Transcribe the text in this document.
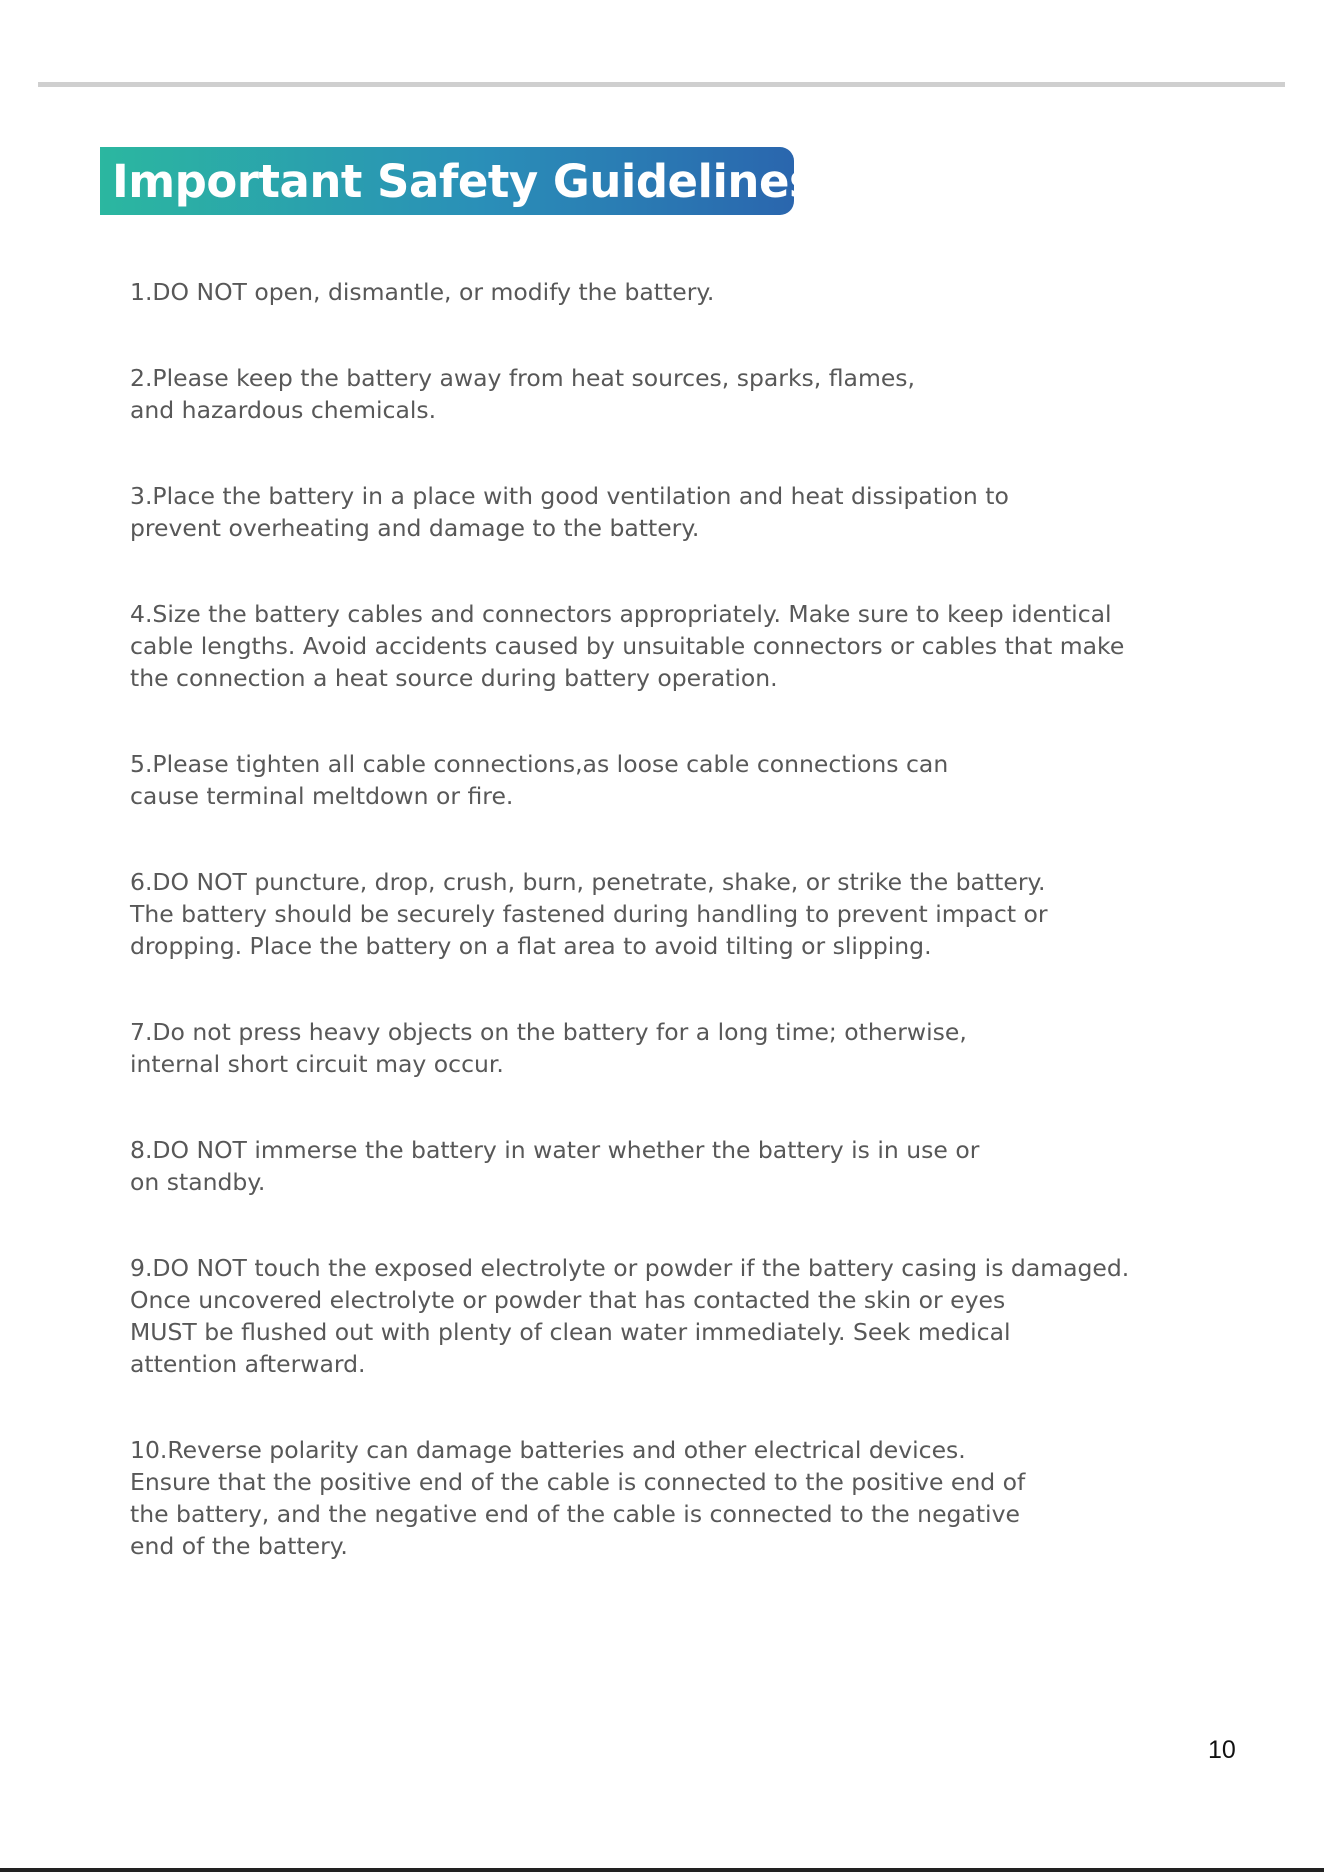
Important Safety Guidelines
1.DO NOT open, dismantle, or modify the battery.
2.Please keep the battery away from heat sources, sparks, flames,
and hazardous chemicals.
3.Place the battery in a place with good ventilation and heat dissipation to
prevent overheating and damage to the battery.
4.Size the battery cables and connectors appropriately. Make sure to keep identical
cable lengths. Avoid accidents caused by unsuitable connectors or cables that make
the connection a heat source during battery operation.
5.Please tighten all cable connections,as loose cable connections can
cause terminal meltdown or fire.
6.DO NOT puncture, drop, crush, burn, penetrate, shake, or strike the battery.
The battery should be securely fastened during handling to prevent impact or
dropping. Place the battery on a flat area to avoid tilting or slipping.
7.Do not press heavy objects on the battery for a long time; otherwise,
internal short circuit may occur.
8.DO NOT immerse the battery in water whether the battery is in use or
on standby.
9.DO NOT touch the exposed electrolyte or powder if the battery casing is damaged.
Once uncovered electrolyte or powder that has contacted the skin or eyes
MUST be flushed out with plenty of clean water immediately. Seek medical
attention afterward.
10.Reverse polarity can damage batteries and other electrical devices.
Ensure that the positive end of the cable is connected to the positive end of
the battery, and the negative end of the cable is connected to the negative
end of the battery.
10
